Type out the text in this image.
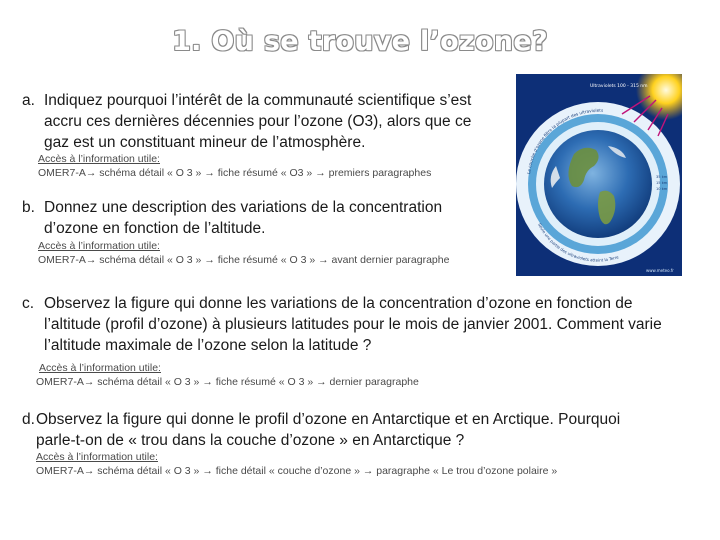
1. Où se trouve l’ozone?
a. Indiquez pourquoi l’intérêt de la communauté scientifique s’est
accru ces dernières décennies pour l’ozone (O3), alors que ce
gaz est un constituant mineur de l’atmosphère.
Accès à l’information utile:
OMER7-A→ schéma détail « O 3 » → fiche résumé « O3 » → premiers paragraphes
b. Donnez une description des variations de la concentration
d’ozone en fonction de l’altitude.
Accès à l’information utile:
OMER7-A→ schéma détail « O 3 » → fiche résumé « O 3 » → avant dernier paragraphe
Ultraviolets 100 - 315 nm
La couche d’ozone filtre la plupart des ultraviolets
Seule une partie des ultraviolets atteint la Terre
35 km
15 km
10 km
www.meteo.fr
c. Observez la figure qui donne les variations de la concentration d’ozone en fonction de
l’altitude (profil d’ozone) à plusieurs latitudes pour le mois de janvier 2001. Comment varie
l’altitude maximale de l’ozone selon la latitude ?
Accès à l’information utile:
OMER7-A→ schéma détail « O 3 » → fiche résumé « O 3 » → dernier paragraphe
d.Observez la figure qui donne le profil d’ozone en Antarctique et en Arctique. Pourquoi
parle-t-on de « trou dans la couche d’ozone » en Antarctique ?
Accès à l’information utile:
OMER7-A→ schéma détail « O 3 » → fiche détail « couche d’ozone » → paragraphe « Le trou d’ozone polaire »
